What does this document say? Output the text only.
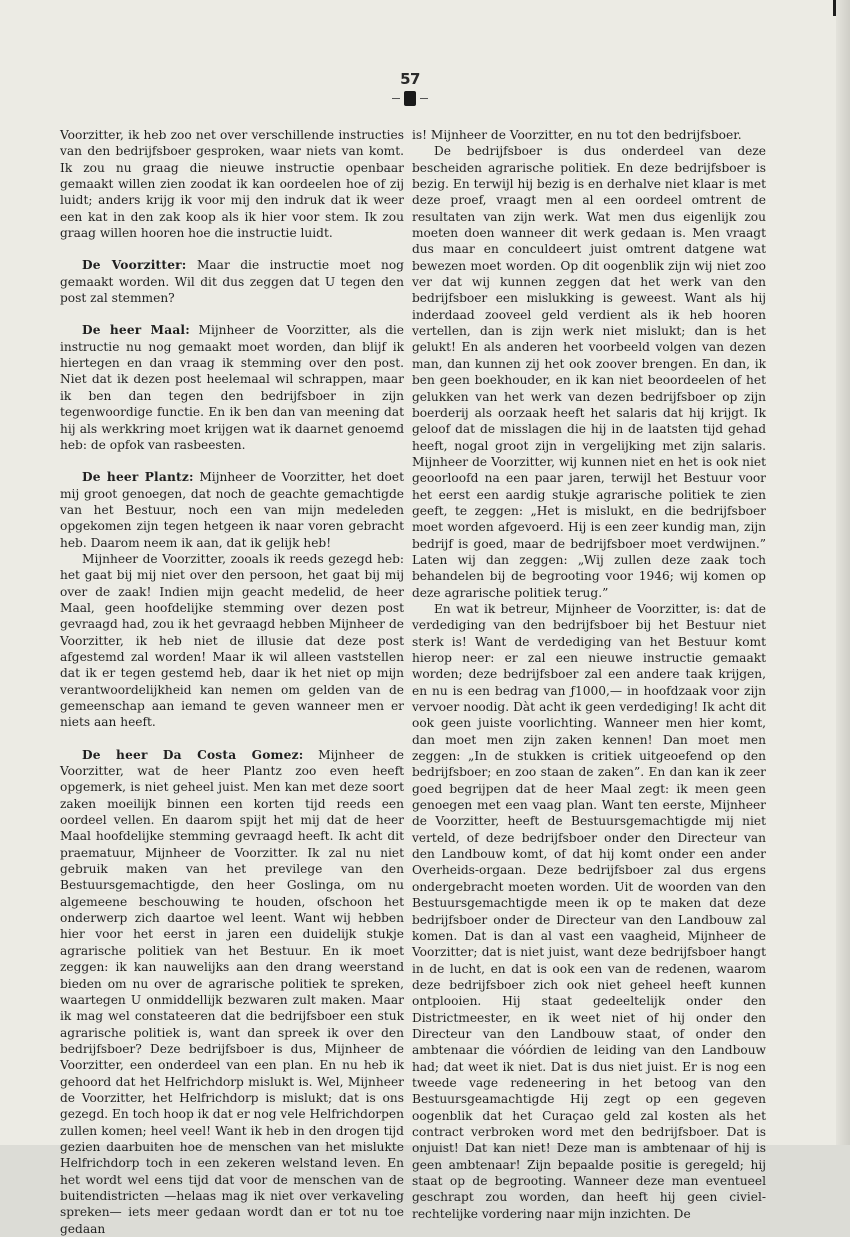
57

Voorzitter, ik heb zoo net over verschillende instructies van den bedrijfsboer gesproken, waar niets van komt. Ik zou nu graag die nieuwe instructie openbaar gemaakt willen zien zoodat ik kan oordeelen hoe of zij luidt; anders krijg ik voor mij den indruk dat ik weer een kat in den zak koop als ik hier voor stem. Ik zou graag willen hooren hoe die instructie luidt.

De Voorzitter: Maar die instructie moet nog gemaakt worden. Wil dit dus zeggen dat U tegen den post zal stemmen?

De heer Maal: Mijnheer de Voorzitter, als die instructie nu nog gemaakt moet worden, dan blijf ik hiertegen en dan vraag ik stemming over den post. Niet dat ik dezen post heelemaal wil schrappen, maar ik ben dan tegen den bedrijfsboer in zijn tegenwoordige functie. En ik ben dan van meening dat hij als werkkring moet krijgen wat ik daarnet genoemd heb: de opfok van rasbeesten.

De heer Plantz: Mijnheer de Voorzitter, het doet mij groot genoegen, dat noch de geachte gemachtigde van het Bestuur, noch een van mijn medeleden opgekomen zijn tegen hetgeen ik naar voren gebracht heb. Daarom neem ik aan, dat ik gelijk heb!

Mijnheer de Voorzitter, zooals ik reeds gezegd heb: het gaat bij mij niet over den persoon, het gaat bij mij over de zaak! Indien mijn geacht medelid, de heer Maal, geen hoofdelijke stemming over dezen post gevraagd had, zou ik het gevraagd hebben Mijnheer de Voorzitter, ik heb niet de illusie dat deze post afgestemd zal worden! Maar ik wil alleen vaststellen dat ik er tegen gestemd heb, daar ik het niet op mijn verantwoordelijkheid kan nemen om gelden van de gemeenschap aan iemand te geven wanneer men er niets aan heeft.

De heer Da Costa Gomez: Mijnheer de Voorzitter, wat de heer Plantz zoo even heeft opgemerk, is niet geheel juist. Men kan met deze soort zaken moeilijk binnen een korten tijd reeds een oordeel vellen. En daarom spijt het mij dat de heer Maal hoofdelijke stemming gevraagd heeft. Ik acht dit praematuur, Mijnheer de Voorzitter. Ik zal nu niet gebruik maken van het previlege van den Bestuursgemachtigde, den heer Goslinga, om nu algemeene beschouwing te houden, ofschoon het onderwerp zich daartoe wel leent. Want wij hebben hier voor het eerst in jaren een duidelijk stukje agrarische politiek van het Bestuur. En ik moet zeggen: ik kan nauwelijks aan den drang weerstand bieden om nu over de agrarische politiek te spreken, waartegen U onmiddellijk bezwaren zult maken. Maar ik mag wel constateeren dat die bedrijfsboer een stuk agrarische politiek is, want dan spreek ik over den bedrijfsboer? Deze bedrijfsboer is dus, Mijnheer de Voorzitter, een onderdeel van een plan. En nu heb ik gehoord dat het Helfrichdorp mislukt is. Wel, Mijnheer de Voorzitter, het Helfrichdorp is mislukt; dat is ons gezegd. En toch hoop ik dat er nog vele Helfrichdorpen zullen komen; heel veel! Want ik heb in den drogen tijd gezien daarbuiten hoe de menschen van het mislukte Helfrichdorp toch in een zekeren welstand leven. En het wordt wel eens tijd dat voor de menschen van de buitendistricten —helaas mag ik niet over verkaveling spreken— iets meer gedaan wordt dan er tot nu toe gedaan

is! Mijnheer de Voorzitter, en nu tot den bedrijfsboer.

De bedrijfsboer is dus onderdeel van deze bescheiden agrarische politiek. En deze bedrijfsboer is bezig. En terwijl hij bezig is en derhalve niet klaar is met deze proef, vraagt men al een oordeel omtrent de resultaten van zijn werk. Wat men dus eigenlijk zou moeten doen wanneer dit werk gedaan is. Men vraagt dus maar en conculdeert juist omtrent datgene wat bewezen moet worden. Op dit oogenblik zijn wij niet zoo ver dat wij kunnen zeggen dat het werk van den bedrijfsboer een mislukking is geweest. Want als hij inderdaad zooveel geld verdient als ik heb hooren vertellen, dan is zijn werk niet mislukt; dan is het gelukt! En als anderen het voorbeeld volgen van dezen man, dan kunnen zij het ook zoover brengen. En dan, ik ben geen boekhouder, en ik kan niet beoordeelen of het gelukken van het werk van dezen bedrijfsboer op zijn boerderij als oorzaak heeft het salaris dat hij krijgt. Ik geloof dat de misslagen die hij in de laatsten tijd gehad heeft, nogal groot zijn in vergelijking met zijn salaris. Mijnheer de Voorzitter, wij kunnen niet en het is ook niet geoorloofd na een paar jaren, terwijl het Bestuur voor het eerst een aardig stukje agrarische politiek te zien geeft, te zeggen: „Het is mislukt, en die bedrijfsboer moet worden afgevoerd. Hij is een zeer kundig man, zijn bedrijf is goed, maar de bedrijfsboer moet verdwijnen.” Laten wij dan zeggen: „Wij zullen deze zaak toch behandelen bij de begrooting voor 1946; wij komen op deze agrarische politiek terug.”

En wat ik betreur, Mijnheer de Voorzitter, is: dat de verdediging van den bedrijfsboer bij het Bestuur niet sterk is! Want de verdediging van het Bestuur komt hierop neer: er zal een nieuwe instructie gemaakt worden; deze bedrijfsboer zal een andere taak krijgen, en nu is een bedrag van ƒ1000,— in hoofdzaak voor zijn vervoer noodig. Dàt acht ik geen verdediging! Ik acht dit ook geen juiste voorlichting. Wanneer men hier komt, dan moet men zijn zaken kennen! Dan moet men zeggen: „In de stukken is critiek uitgeoefend op den bedrijfsboer; en zoo staan de zaken”. En dan kan ik zeer goed begrijpen dat de heer Maal zegt: ik meen geen genoegen met een vaag plan. Want ten eerste, Mijnheer de Voorzitter, heeft de Bestuursgemachtigde mij niet verteld, of deze bedrijfsboer onder den Directeur van den Landbouw komt, of dat hij komt onder een ander Overheids-orgaan. Deze bedrijfsboer zal dus ergens ondergebracht moeten worden. Uit de woorden van den Bestuursgemachtigde meen ik op te maken dat deze bedrijfsboer onder de Directeur van den Landbouw zal komen. Dat is dan al vast een vaagheid, Mijnheer de Voorzitter; dat is niet juist, want deze bedrijfsboer hangt in de lucht, en dat is ook een van de redenen, waarom deze bedrijfsboer zich ook niet geheel heeft kunnen ontplooien. Hij staat gedeeltelijk onder den Districtmeester, en ik weet niet of hij onder den Directeur van den Landbouw staat, of onder den ambtenaar die vóórdien de leiding van den Landbouw had; dat weet ik niet. Dat is dus niet juist. Er is nog een tweede vage redeneering in het betoog van den Bestuursgeamachtigde Hij zegt op een gegeven oogenblik dat het Curaçao geld zal kosten als het contract verbroken word met den bedrijfsboer. Dat is onjuist! Dat kan niet! Deze man is ambtenaar of hij is geen ambtenaar! Zijn bepaalde positie is geregeld; hij staat op de begrooting. Wanneer deze man eventueel geschrapt zou worden, dan heeft hij geen civiel-rechtelijke vordering naar mijn inzichten. De
